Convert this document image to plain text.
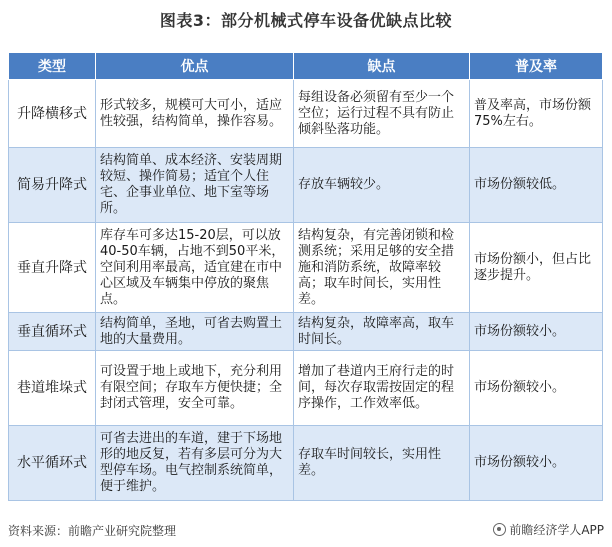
图表3：部分机械式停车设备优缺点比较
类型	优点	缺点	普及率
升降横移式	形式较多，规模可大可小，适应性较强，结构简单，操作容易。	每组设备必须留有至少一个空位；运行过程不具有防止倾斜坠落功能。	普及率高，市场份额75%左右。
简易升降式	结构简单、成本经济、安装周期较短、操作简易；适宜个人住宅、企事业单位、地下室等场所。	存放车辆较少。	市场份额较低。
垂直升降式	库存车可多达15-20层，可以放40-50车辆，占地不到50平米，空间利用率最高，适宜建在市中心区域及车辆集中停放的聚焦点。	结构复杂，有完善闭锁和检测系统；采用足够的安全措施和消防系统，故障率较高；取车时间长，实用性差。	市场份额小，但占比逐步提升。
垂直循环式	结构简单，圣地，可省去购置土地的大量费用。	结构复杂，故障率高，取车时间长。	市场份额较小。
巷道堆垛式	可设置于地上或地下，充分利用有限空间；存取车方便快捷；全封闭式管理，安全可靠。	增加了巷道内王府行走的时间，每次存取需按固定的程序操作，工作效率低。	市场份额较小。
水平循环式	可省去进出的车道，建于下场地形的地反复，若有多层可分为大型停车场。电气控制系统简单，便于维护。	存取车时间较长，实用性差。	市场份额较小。
资料来源：前瞻产业研究院整理	前瞻经济学人APP
